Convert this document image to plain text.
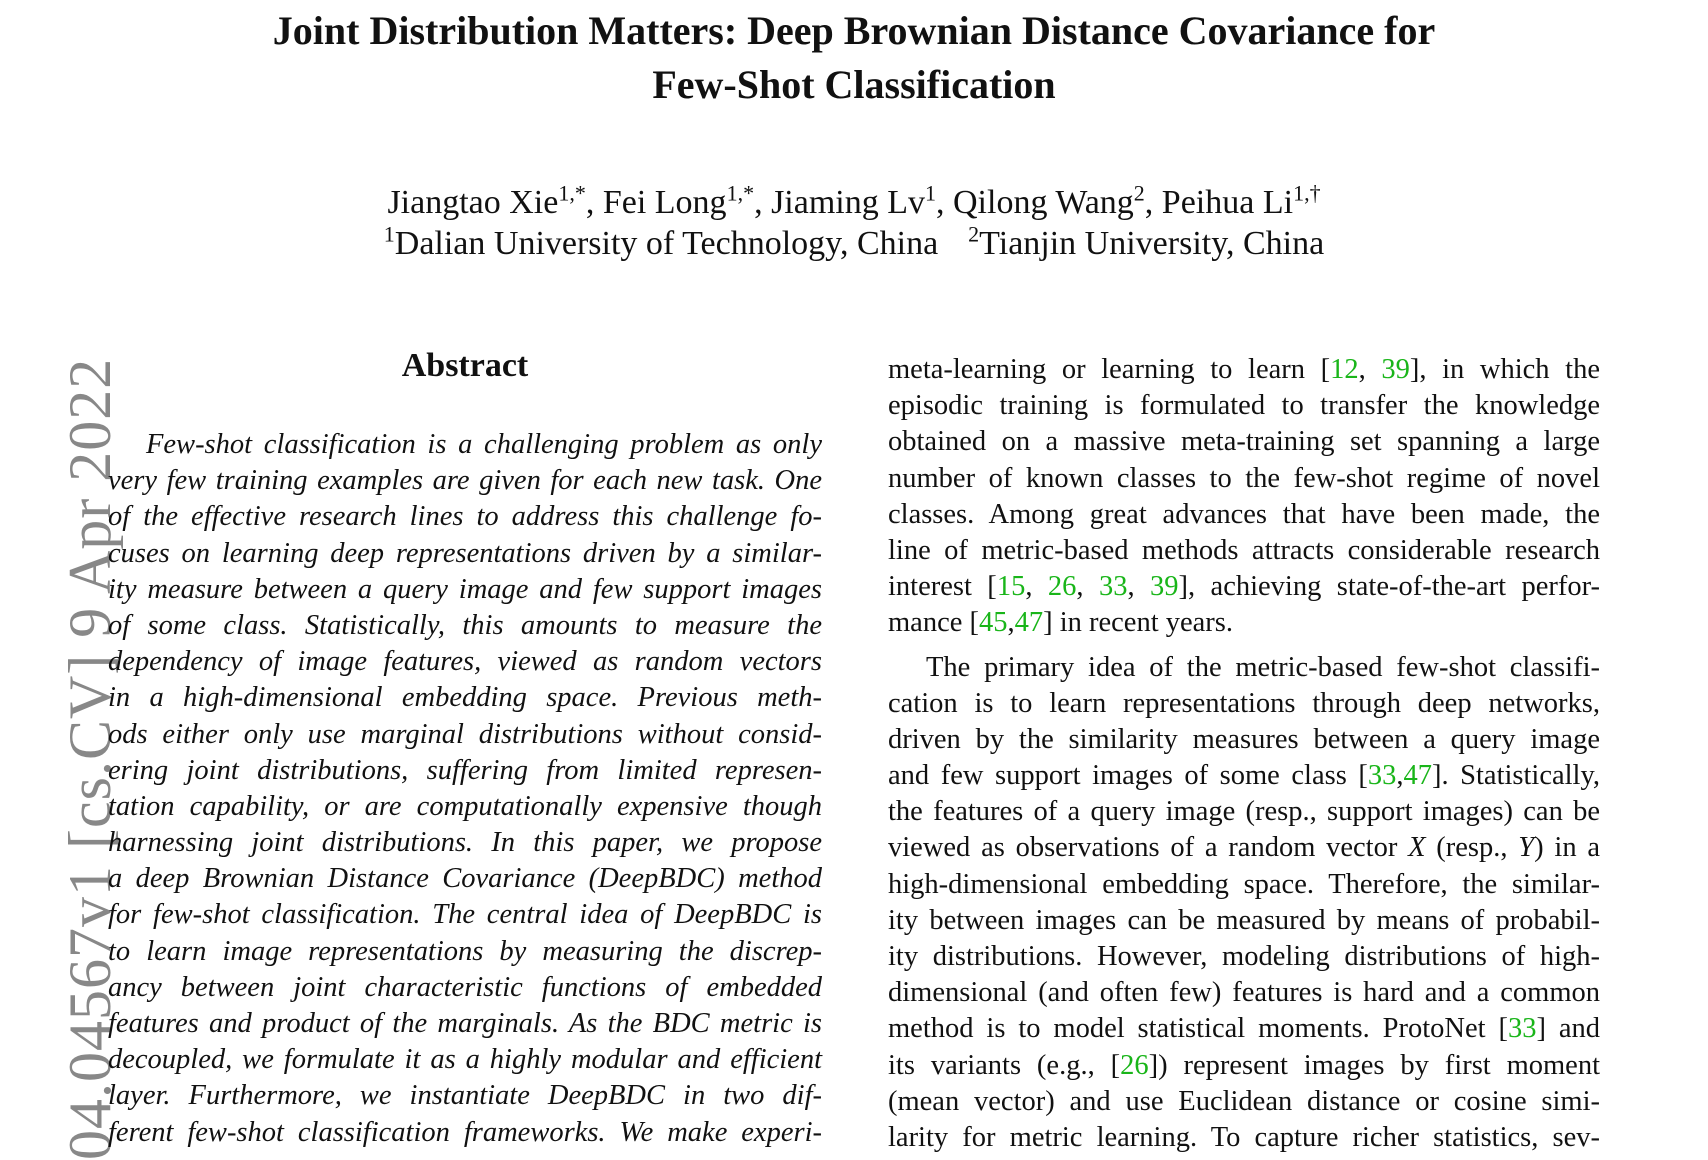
Joint Distribution Matters: Deep Brownian Distance Covariance for
Few-Shot Classification
Jiangtao Xie$^{1,*}$, Fei Long$^{1,*}$, Jiaming Lv$^1$, Qilong Wang$^2$, Peihua $Li^{1,\dagger}$
$^1$Dalian University of Technology, China $^2$Tianjin University, China
04.04567v1 [cs.CV] 9 Apr 2022	Abstract
Few-shot classification is a challenging problem as only
very few training examples are given for each new task. One
of the effective research lines to address this challenge fo-
cuses on learning deep representations driven by a similar-
ity measure between a query image and few support images
of some class. Statistically, this amounts to measure the
dependency of image features, viewed as random vectors
in a high-dimensional embedding space. Previous meth-
ods either only use marginal distributions without consid-
ering joint distributions, suffering from limited represen-
tation capability, or are computationally expensive though
harnessing joint distributions. In this paper, we propose
a deep Brownian Distance Covariance (DeepBDC) method
for few-shot classification. The central idea of DeepBDC is
to learn image representations by measuring the discrep-
ancy between joint characteristic functions of embedded
features and product of the marginals. As the BDC metric is
decoupled, we formulate it as a highly modular and efficient
layer. Furthermore, we instantiate DeepBDC in two dif-
ferent few-shot classification frameworks. We make experi-
meta-learning or learning to learn [12, 39], in which the
episodic training is formulated to transfer the knowledge
obtained on a massive meta-training set spanning a large
number of known classes to the few-shot regime of novel
classes. Among great advances that have been made, the
line of metric-based methods attracts considerable research
interest [15, 26, 33, 39], achieving state-of-the-art perfor-
mance [45,47] in recent years.
The primary idea of the metric-based few-shot classifi-
cation is to learn representations through deep networks,
driven by the similarity measures between a query image
and few support images of some class [33,47]. Statistically,
the features of a query image (resp., support images) can be
viewed as observations of a random vector X (resp., Y) in a
high-dimensional embedding space. Therefore, the similar-
ity between images can be measured by means of probabil-
ity distributions. However, modeling distributions of high-
dimensional (and often few) features is hard and a common
method is to model statistical moments. ProtoNet [33] and
its variants (e.g., [26]) represent images by first moment
(mean vector) and use Euclidean distance or cosine simi-
larity for metric learning. To capture richer statistics, sev-
